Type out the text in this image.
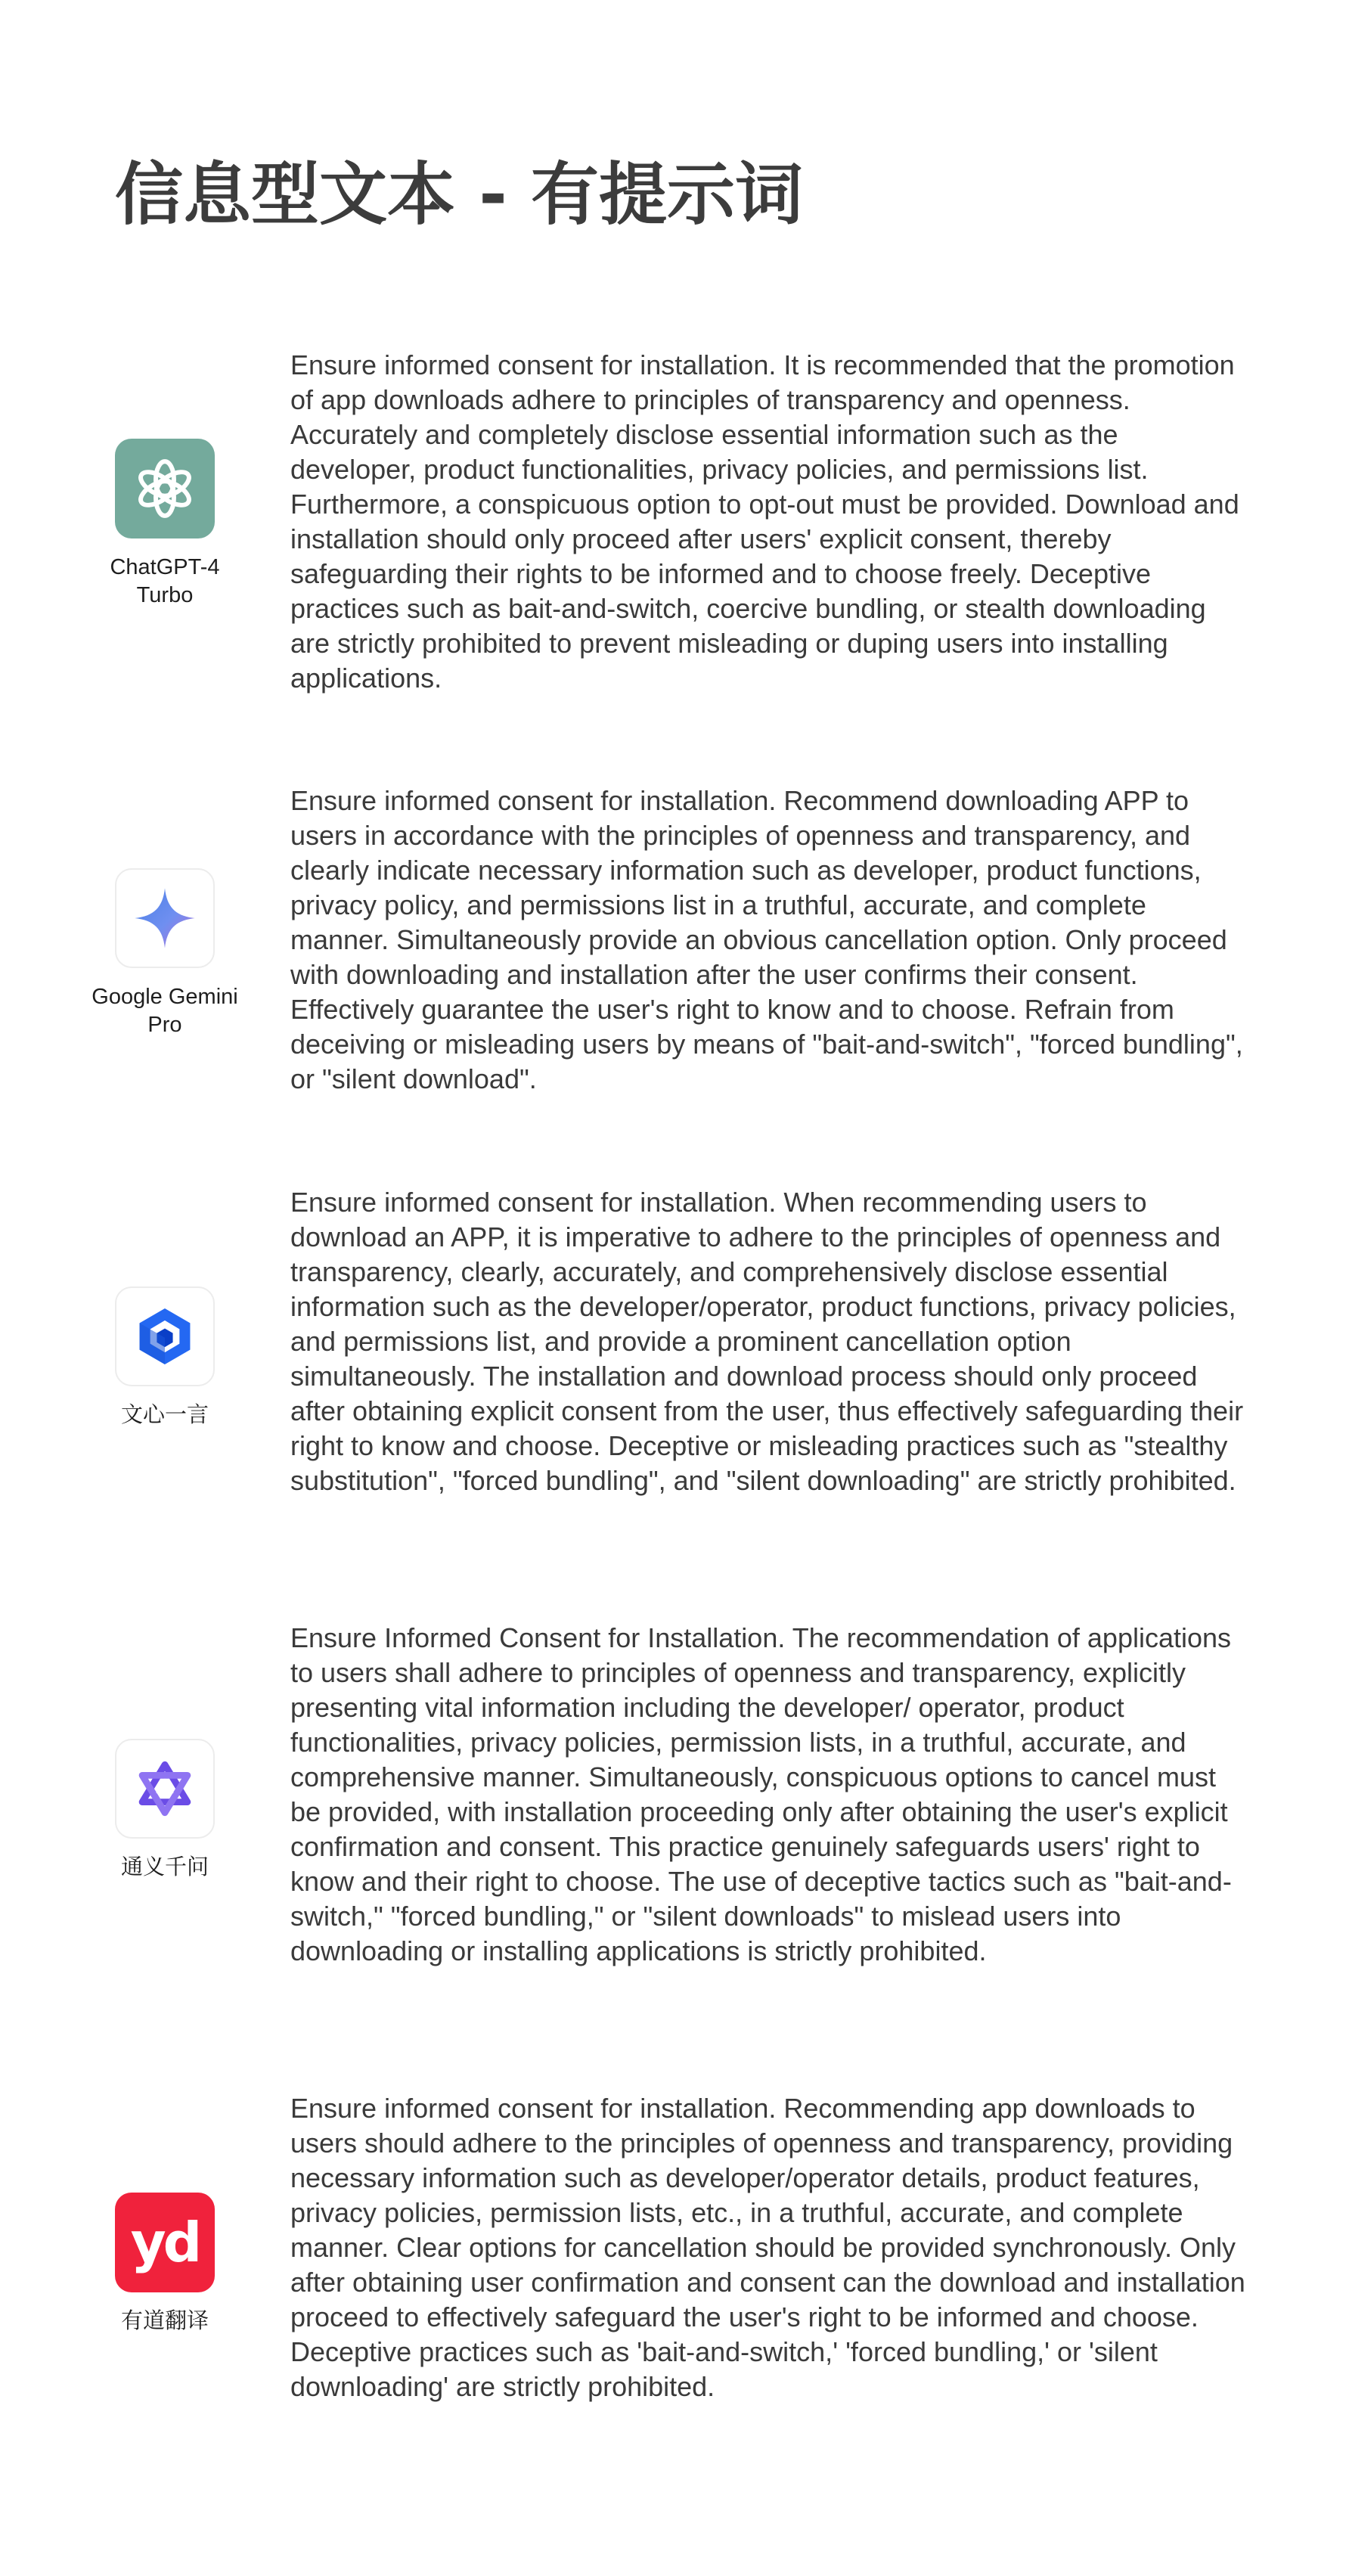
信息型文本 - 有提示词
ChatGPT-4 Turbo

Ensure informed consent for installation. It is recommended that the promotion of app downloads adhere to principles of transparency and openness. Accurately and completely disclose essential information such as the developer, product functionalities, privacy policies, and permissions list. Furthermore, a conspicuous option to opt-out must be provided. Download and installation should only proceed after users' explicit consent, thereby safeguarding their rights to be informed and to choose freely. Deceptive practices such as bait-and-switch, coercive bundling, or stealth downloading are strictly prohibited to prevent misleading or duping users into installing applications.

Google Gemini Pro

Ensure informed consent for installation. Recommend downloading APP to users in accordance with the principles of openness and transparency, and clearly indicate necessary information such as developer, product functions, privacy policy, and permissions list in a truthful, accurate, and complete manner. Simultaneously provide an obvious cancellation option. Only proceed with downloading and installation after the user confirms their consent. Effectively guarantee the user's right to know and to choose. Refrain from deceiving or misleading users by means of "bait-and-switch", "forced bundling", or "silent download".

文心一言

Ensure informed consent for installation. When recommending users to download an APP, it is imperative to adhere to the principles of openness and transparency, clearly, accurately, and comprehensively disclose essential information such as the developer/operator, product functions, privacy policies, and permissions list, and provide a prominent cancellation option simultaneously. The installation and download process should only proceed after obtaining explicit consent from the user, thus effectively safeguarding their right to know and choose. Deceptive or misleading practices such as "stealthy substitution", "forced bundling", and "silent downloading" are strictly prohibited.

通义千问

Ensure Informed Consent for Installation. The recommendation of applications to users shall adhere to principles of openness and transparency, explicitly presenting vital information including the developer/ operator, product functionalities, privacy policies, permission lists, in a truthful, accurate, and comprehensive manner. Simultaneously, conspicuous options to cancel must be provided, with installation proceeding only after obtaining the user's explicit confirmation and consent. This practice genuinely safeguards users' right to know and their right to choose. The use of deceptive tactics such as "bait-and-switch," "forced bundling," or "silent downloads" to mislead users into downloading or installing applications is strictly prohibited.

yd
有道翻译

Ensure informed consent for installation. Recommending app downloads to users should adhere to the principles of openness and transparency, providing necessary information such as developer/operator details, product features, privacy policies, permission lists, etc., in a truthful, accurate, and complete manner. Clear options for cancellation should be provided synchronously. Only after obtaining user confirmation and consent can the download and installation proceed to effectively safeguard the user's right to be informed and choose. Deceptive practices such as 'bait-and-switch,' 'forced bundling,' or 'silent downloading' are strictly prohibited.
